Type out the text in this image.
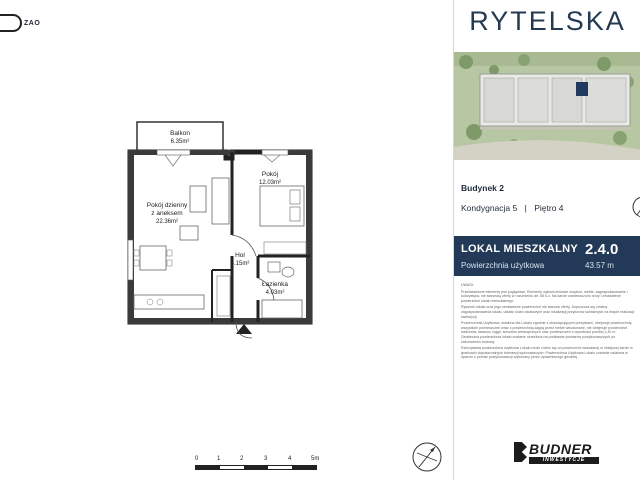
ZAO
Balkon
6.35m²
Pokój
12.03m²

Pokój dzienny
z aneksem

22.36m²

Hol
5.15m²
Łazienka
4.03m²
0	1	2	3	4	5m
RYTELSKA
Budynek 2
Kondygnacja 5 | Piętro 4
LOKAL MIESZKALNY 2.4.0
Powierzchnia użytkowa	43.57 m

UWAGI:

Przedstawione elementy jest poglądowe. Elementy wykończeniowe wnętrza, meble, zagospodarowanie i kolorystyka, nie stanowią oferty w rozumieniu art. 66 k.c. Na karcie zamieszczono rzuty i zestawienie powierzchni lokalu mieszkalnego.

Rysunek lokalu oraz jego zestawienie powierzchni nie stanowi oferty. Dopuszcza się zmiany zagospodarowania lokalu, układu ścian działowych oraz lokalizacji przyborów sanitarnych na etapie realizacji inwestycji.

Powierzchnia Użytkowa: ustalona dla Lokalu zgodnie z obowiązującymi przepisami, obejmuje powierzchnię wszystkich pomieszczeń wraz z powierzchnią zajętą przez meble wbudowane, nie obejmuje powierzchni balkonów, tarasów, loggii, schodów wewnętrznych oraz pomieszczeń o wysokości poniżej 1,40 m. Ostateczna powierzchnia lokalu zostanie określona na podstawie pomiarów powykonawczych po zakończeniu budowy.

Rzeczywista powierzchnia użytkowa Lokalu może różnić się od powierzchni wskazanej w niniejszej karcie w granicach dopuszczalnych tolerancji wykonawczych. Powierzchnia Użytkowa Lokalu zostanie ustalona w oparciu o pomiar powykonawczy wykonany przez uprawnionego geodetę.

BUDNER
INWESTYCJE
